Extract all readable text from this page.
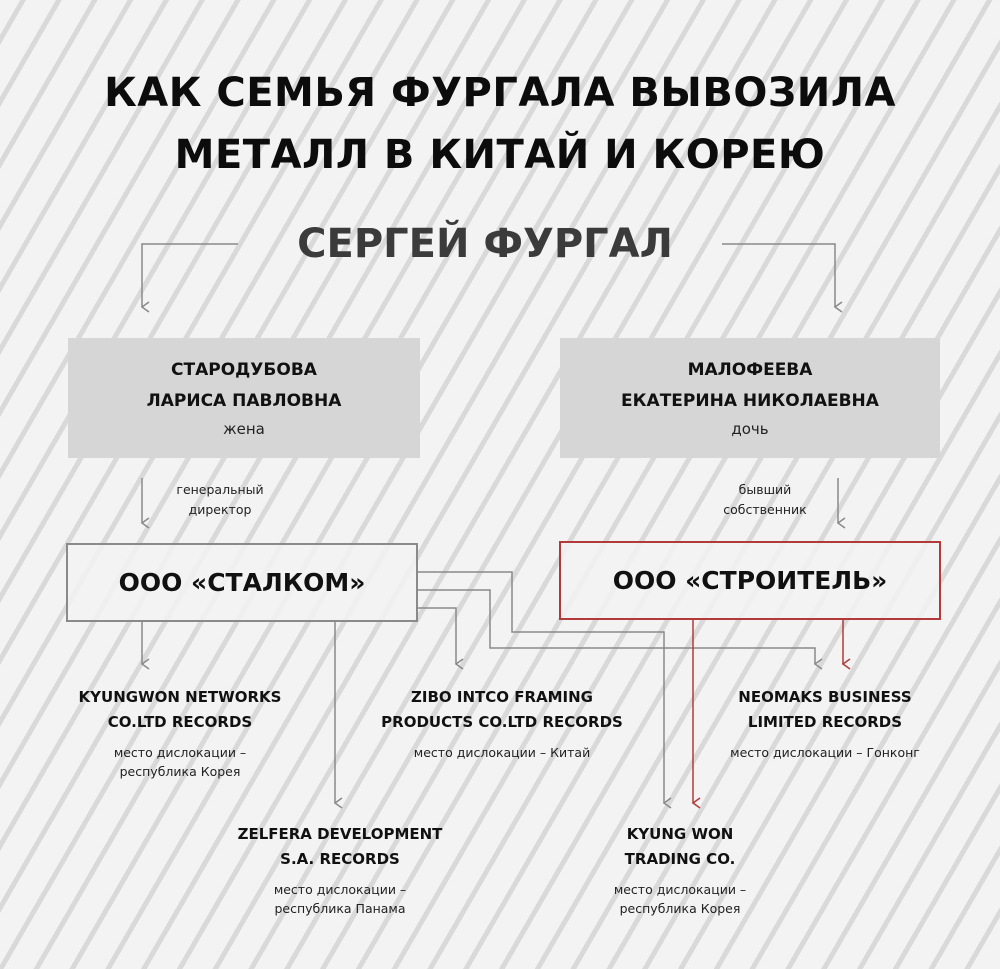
КАК СЕМЬЯ ФУРГАЛА ВЫВОЗИЛА
МЕТАЛЛ В КИТАЙ И КОРЕЮ
СЕРГЕЙ ФУРГАЛ
СТАРОДУБОВА
ЛАРИСА ПАВЛОВНА
жена
МАЛОФЕЕВА
ЕКАТЕРИНА НИКОЛАЕВНА
дочь
генеральный
директор
бывший
собственник
ООО «СТАЛКОМ»	ООО «СТРОИТЕЛЬ»
KYUNGWON NETWORKS
CO.LTD RECORDS
место дислокации –
республика Корея
ZIBO INTCO FRAMING
PRODUCTS CO.LTD RECORDS
место дислокации – Китай
NEOMAKS BUSINESS
LIMITED RECORDS
место дислокации – Гонконг
ZELFERA DEVELOPMENT
S.A. RECORDS
место дислокации –
республика Панама
KYUNG WON
TRADING CO.
место дислокации –
республика Корея
